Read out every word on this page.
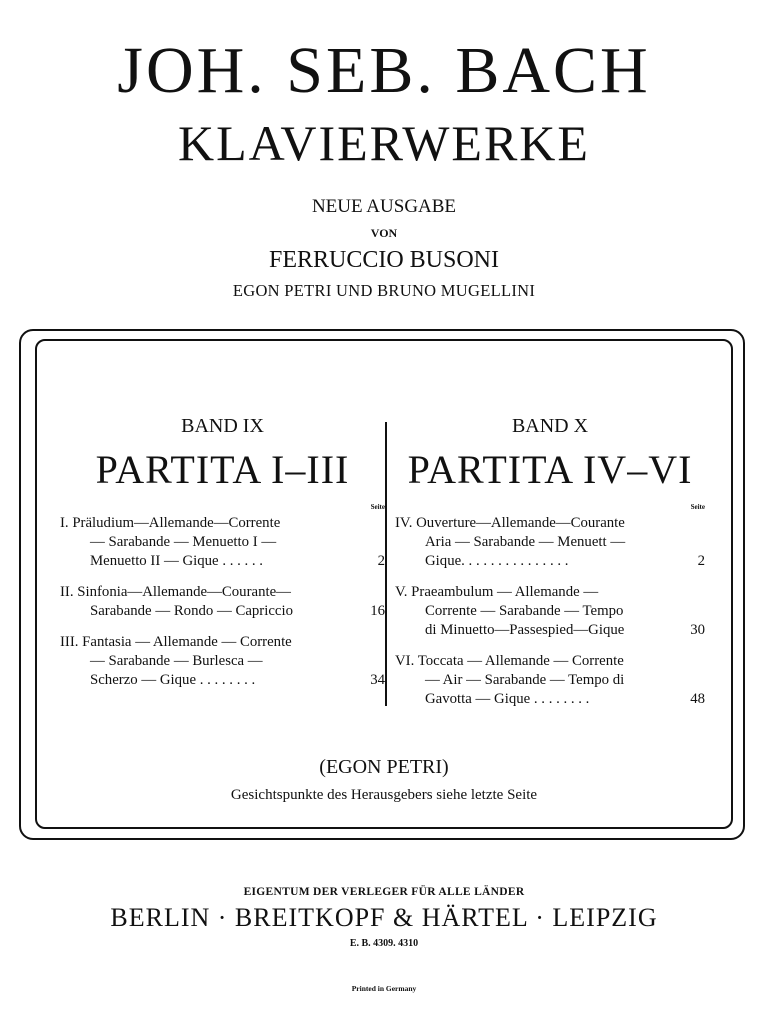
JOH. SEB. BACH
KLAVIERWERKE
NEUE AUSGABE
VON
FERRUCCIO BUSONI
EGON PETRI UND BRUNO MUGELLINI
BAND IX
PARTITA I–III
Seite
I. Präludium—Allemande—Corrente
— Sarabande — Menuetto I —
Menuetto II — Gique . . . . . .	2
II. Sinfonia—Allemande—Courante—
Sarabande — Rondo — Capriccio	16
III. Fantasia — Allemande — Corrente
— Sarabande — Burlesca —
Scherzo — Gique . . . . . . . .	34
BAND X
PARTITA IV–VI
Seite
IV. Ouverture—Allemande—Courante
Aria — Sarabande — Menuett —
Gique. . . . . . . . . . . . . . .	2
V. Praeambulum — Allemande —
Corrente — Sarabande — Tempo
di Minuetto—Passespied—Gique	30
VI. Toccata — Allemande — Corrente
— Air — Sarabande — Tempo di
Gavotta — Gique . . . . . . . .	48
(EGON PETRI)
Gesichtspunkte des Herausgebers siehe letzte Seite
EIGENTUM DER VERLEGER FÜR ALLE LÄNDER
BERLIN · BREITKOPF & HÄRTEL · LEIPZIG
E. B. 4309. 4310
Printed in Germany
